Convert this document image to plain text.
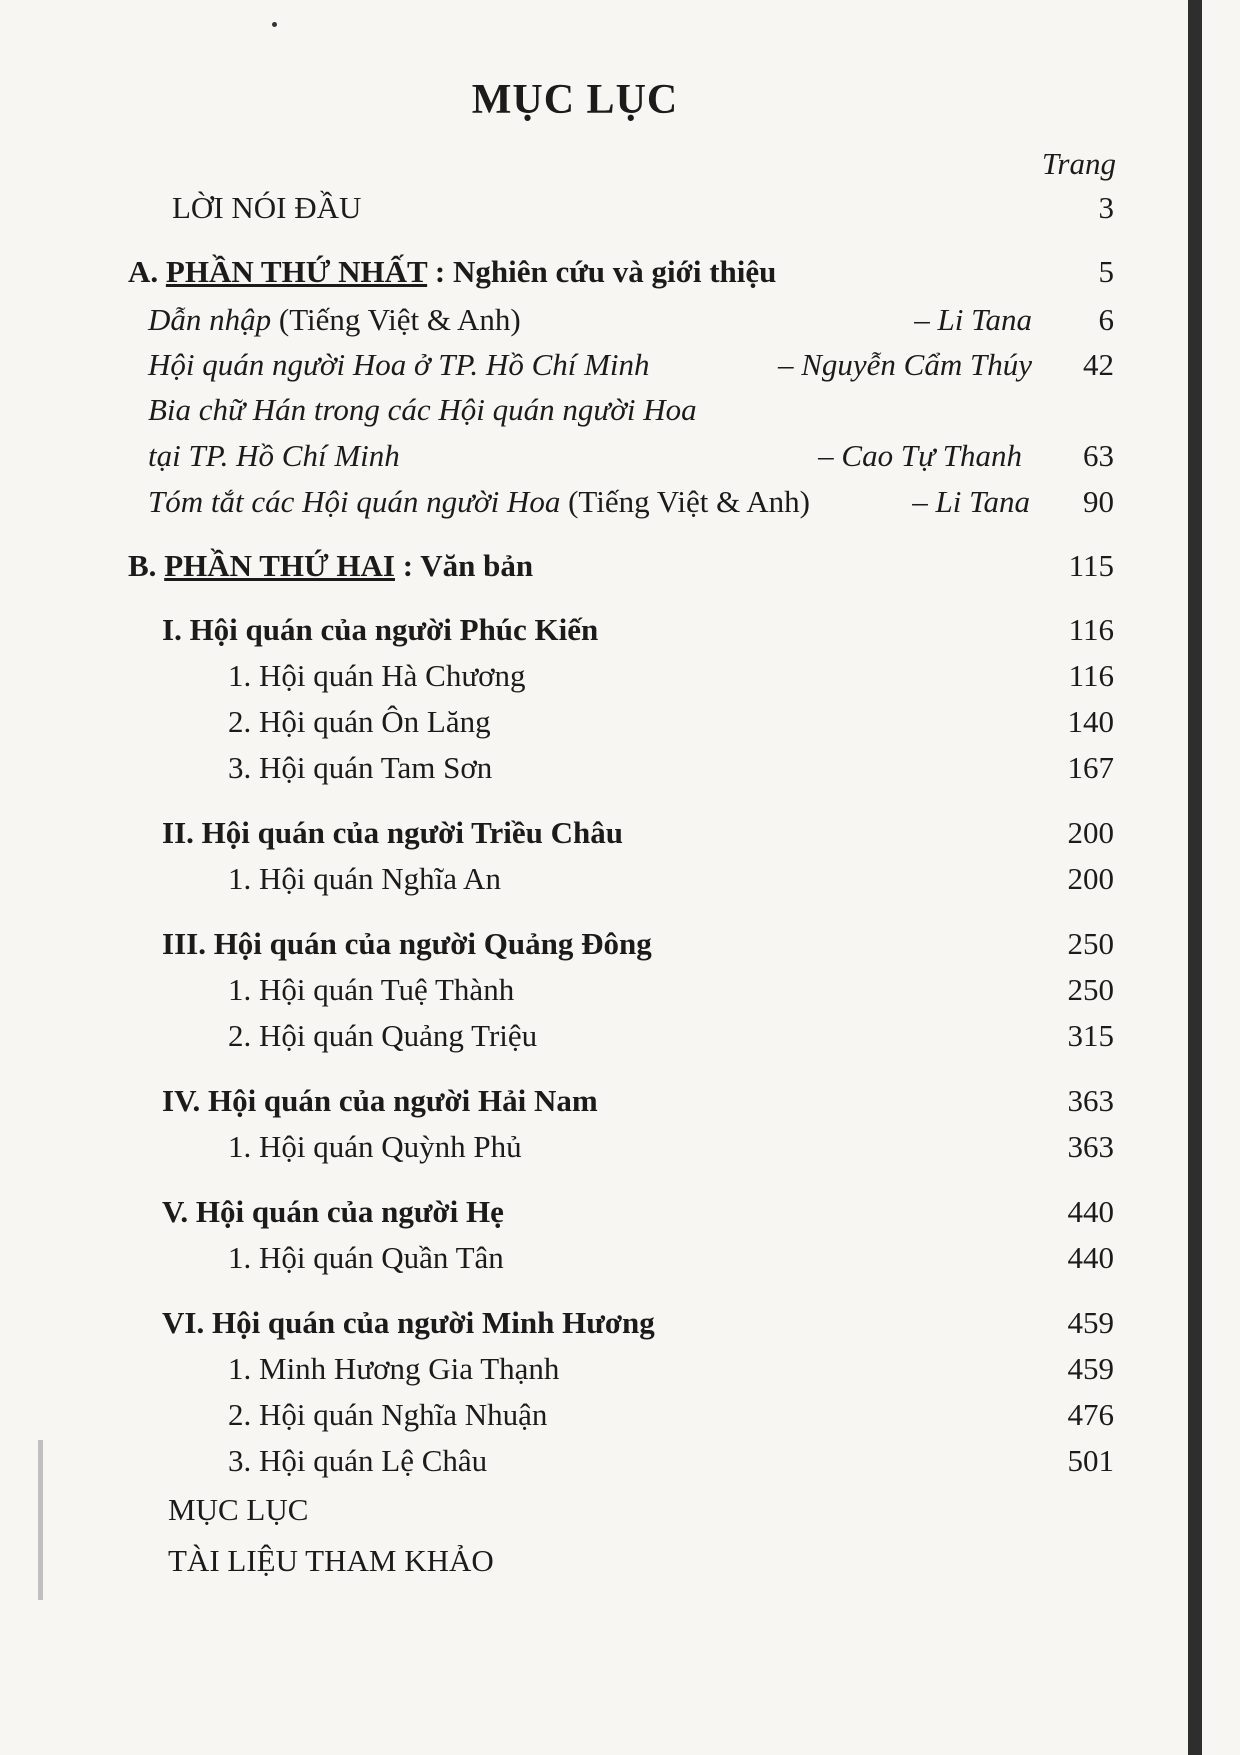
MỤC LỤC
Trang
LỜI NÓI ĐẦU	3
A. PHẦN THỨ NHẤT : Nghiên cứu và giới thiệu	5
Dẫn nhập (Tiếng Việt & Anh)	– Li Tana 6
Hội quán người Hoa ở TP. Hồ Chí Minh	– Nguyễn Cẩm Thúy 42
Bia chữ Hán trong các Hội quán người Hoa
tại TP. Hồ Chí Minh	– Cao Tự Thanh 63
Tóm tắt các Hội quán người Hoa (Tiếng Việt & Anh)	– Li Tana 90
B. PHẦN THỨ HAI : Văn bản	115
I. Hội quán của người Phúc Kiến	116
1. Hội quán Hà Chương	116
2. Hội quán Ôn Lăng	140
3. Hội quán Tam Sơn	167
II. Hội quán của người Triều Châu	200
1. Hội quán Nghĩa An	200
III. Hội quán của người Quảng Đông	250
1. Hội quán Tuệ Thành	250
2. Hội quán Quảng Triệu	315
IV. Hội quán của người Hải Nam	363
1. Hội quán Quỳnh Phủ	363
V. Hội quán của người Hẹ	440
1. Hội quán Quần Tân	440
VI. Hội quán của người Minh Hương	459
1. Minh Hương Gia Thạnh	459
2. Hội quán Nghĩa Nhuận	476
3. Hội quán Lệ Châu	501
MỤC LỤC
TÀI LIỆU THAM KHẢO
